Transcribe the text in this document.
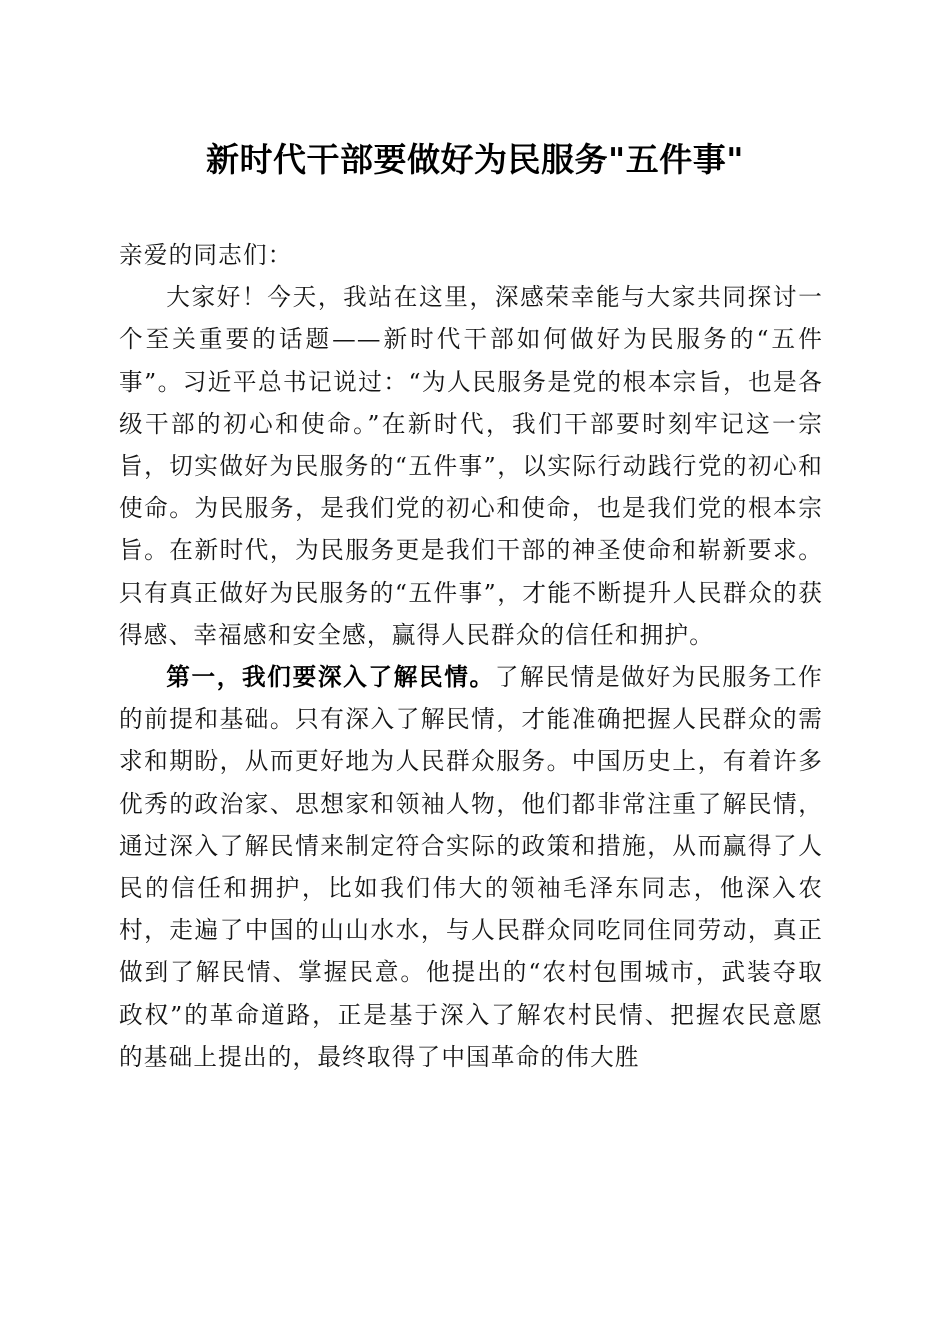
新时代干部要做好为民服务"五件事"

亲爱的同志们：

大家好！今天，我站在这里，深感荣幸能与大家共同探讨一个至关重要的话题——新时代干部如何做好为民服务的“五件事”。习近平总书记说过：“为人民服务是党的根本宗旨，也是各级干部的初心和使命。”在新时代，我们干部要时刻牢记这一宗旨，切实做好为民服务的“五件事”，以实际行动践行党的初心和使命。为民服务，是我们党的初心和使命，也是我们党的根本宗旨。在新时代，为民服务更是我们干部的神圣使命和崭新要求。只有真正做好为民服务的“五件事”，才能不断提升人民群众的获得感、幸福感和安全感，赢得人民群众的信任和拥护。

第一，我们要深入了解民情。了解民情是做好为民服务工作的前提和基础。只有深入了解民情，才能准确把握人民群众的需求和期盼，从而更好地为人民群众服务。中国历史上，有着许多优秀的政治家、思想家和领袖人物，他们都非常注重了解民情，通过深入了解民情来制定符合实际的政策和措施，从而赢得了人民的信任和拥护，比如我们伟大的领袖毛泽东同志，他深入农村，走遍了中国的山山水水，与人民群众同吃同住同劳动，真正做到了解民情、掌握民意。他提出的“农村包围城市，武装夺取政权”的革命道路，正是基于深入了解农村民情、把握农民意愿的基础上提出的，最终取得了中国革命的伟大胜
